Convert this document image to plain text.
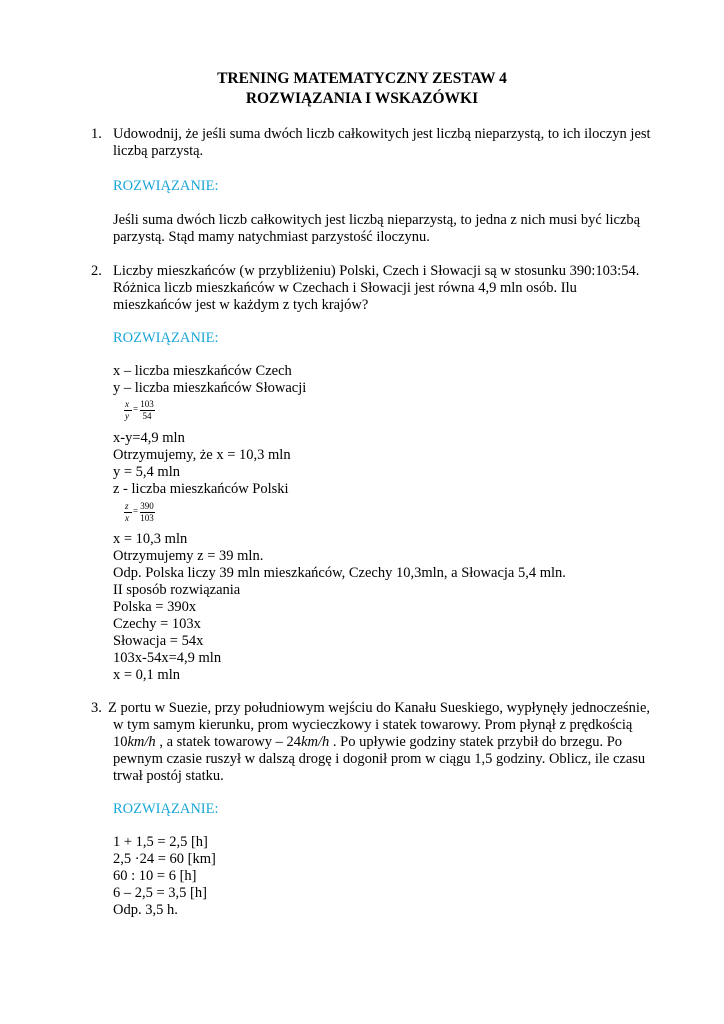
TRENING MATEMATYCZNY ZESTAW 4
ROZWIĄZANIA I WSKAZÓWKI
1. Udowodnij, że jeśli suma dwóch liczb całkowitych jest liczbą nieparzystą, to ich iloczyn jest
liczbą parzystą.
ROZWIĄZANIE:
Jeśli suma dwóch liczb całkowitych jest liczbą nieparzystą, to jedna z nich musi być liczbą
parzystą. Stąd mamy natychmiast parzystość iloczynu.
2. Liczby mieszkańców (w przybliżeniu) Polski, Czech i Słowacji są w stosunku 390:103:54.
Różnica liczb mieszkańców w Czechach i Słowacji jest równa 4,9 mln osób. Ilu
mieszkańców jest w każdym z tych krajów?
ROZWIĄZANIE:
x – liczba mieszkańców Czech
y – liczba mieszkańców Słowacji
x
y
= 103
54
x-y=4,9 mln
Otrzymujemy, że x = 10,3 mln
y = 5,4 mln
z - liczba mieszkańców Polski
z
x
= 390
103
x = 10,3 mln
Otrzymujemy z = 39 mln.
Odp. Polska liczy 39 mln mieszkańców, Czechy 10,3mln, a Słowacja 5,4 mln.
II sposób rozwiązania
Polska = 390x
Czechy = 103x
Słowacja = 54x
103x-54x=4,9 mln
x = 0,1 mln
3. Z portu w Suezie, przy południowym wejściu do Kanału Sueskiego, wypłynęły jednocześnie,
w tym samym kierunku, prom wycieczkowy i statek towarowy. Prom płynął z prędkością
10km/h , a statek towarowy – 24km/h . Po upływie godziny statek przybił do brzegu. Po
pewnym czasie ruszył w dalszą drogę i dogonił prom w ciągu 1,5 godziny. Oblicz, ile czasu
trwał postój statku.
ROZWIĄZANIE:
1 + 1,5 = 2,5 [h]
2,5 ·24 = 60 [km]
60 : 10 = 6 [h]
6 – 2,5 = 3,5 [h]
Odp. 3,5 h.
